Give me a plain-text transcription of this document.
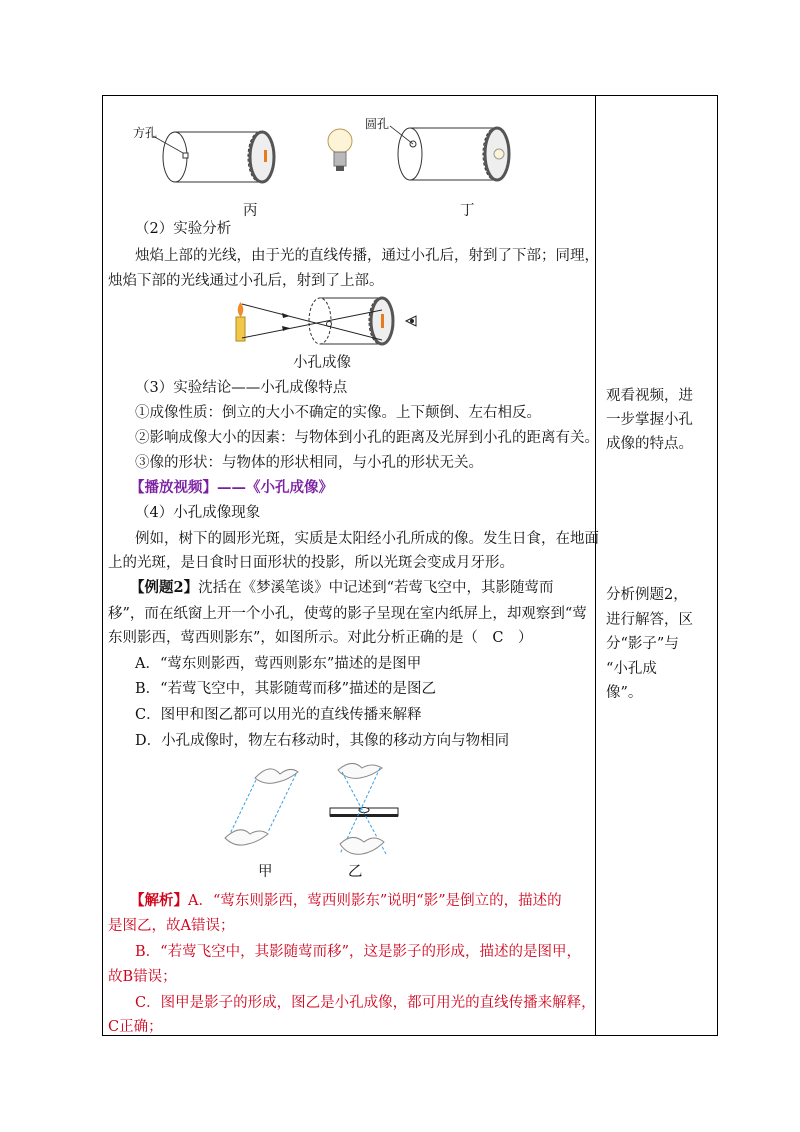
方孔
圆孔
丙	丁
（2）实验分析
烛焰上部的光线，由于光的直线传播，通过小孔后，射到了下部；同理，
烛焰下部的光线通过小孔后，射到了上部。
小孔成像
（3）实验结论——小孔成像特点
①成像性质：倒立的大小不确定的实像。上下颠倒、左右相反。
②影响成像大小的因素：与物体到小孔的距离及光屏到小孔的距离有关。
③像的形状：与物体的形状相同，与小孔的形状无关。
【播放视频】——《小孔成像》
（4）小孔成像现象
例如，树下的圆形光斑，实质是太阳经小孔所成的像。发生日食，在地面
上的光斑，是日食时日面形状的投影，所以光斑会变成月牙形。
【例题2】沈括在《梦溪笔谈》中记述到“若莺飞空中，其影随莺而
移”，而在纸窗上开一个小孔，使莺的影子呈现在室内纸屏上，却观察到“莺
东则影西，莺西则影东”，如图所示。对此分析正确的是（　C　）
A．“莺东则影西，莺西则影东”描述的是图甲
B．“若莺飞空中，其影随莺而移”描述的是图乙
C．图甲和图乙都可以用光的直线传播来解释
D．小孔成像时，物左右移动时，其像的移动方向与物相同
甲	乙
【解析】A．“莺东则影西，莺西则影东”说明“影”是倒立的，描述的
是图乙，故A错误；
B．“若莺飞空中，其影随莺而移”，这是影子的形成，描述的是图甲，
故B错误；
C．图甲是影子的形成，图乙是小孔成像，都可用光的直线传播来解释，
C正确；
观看视频，进
一步掌握小孔
成像的特点。
分析例题2，
进行解答，区
分“影子”与
“小孔成
像”。
